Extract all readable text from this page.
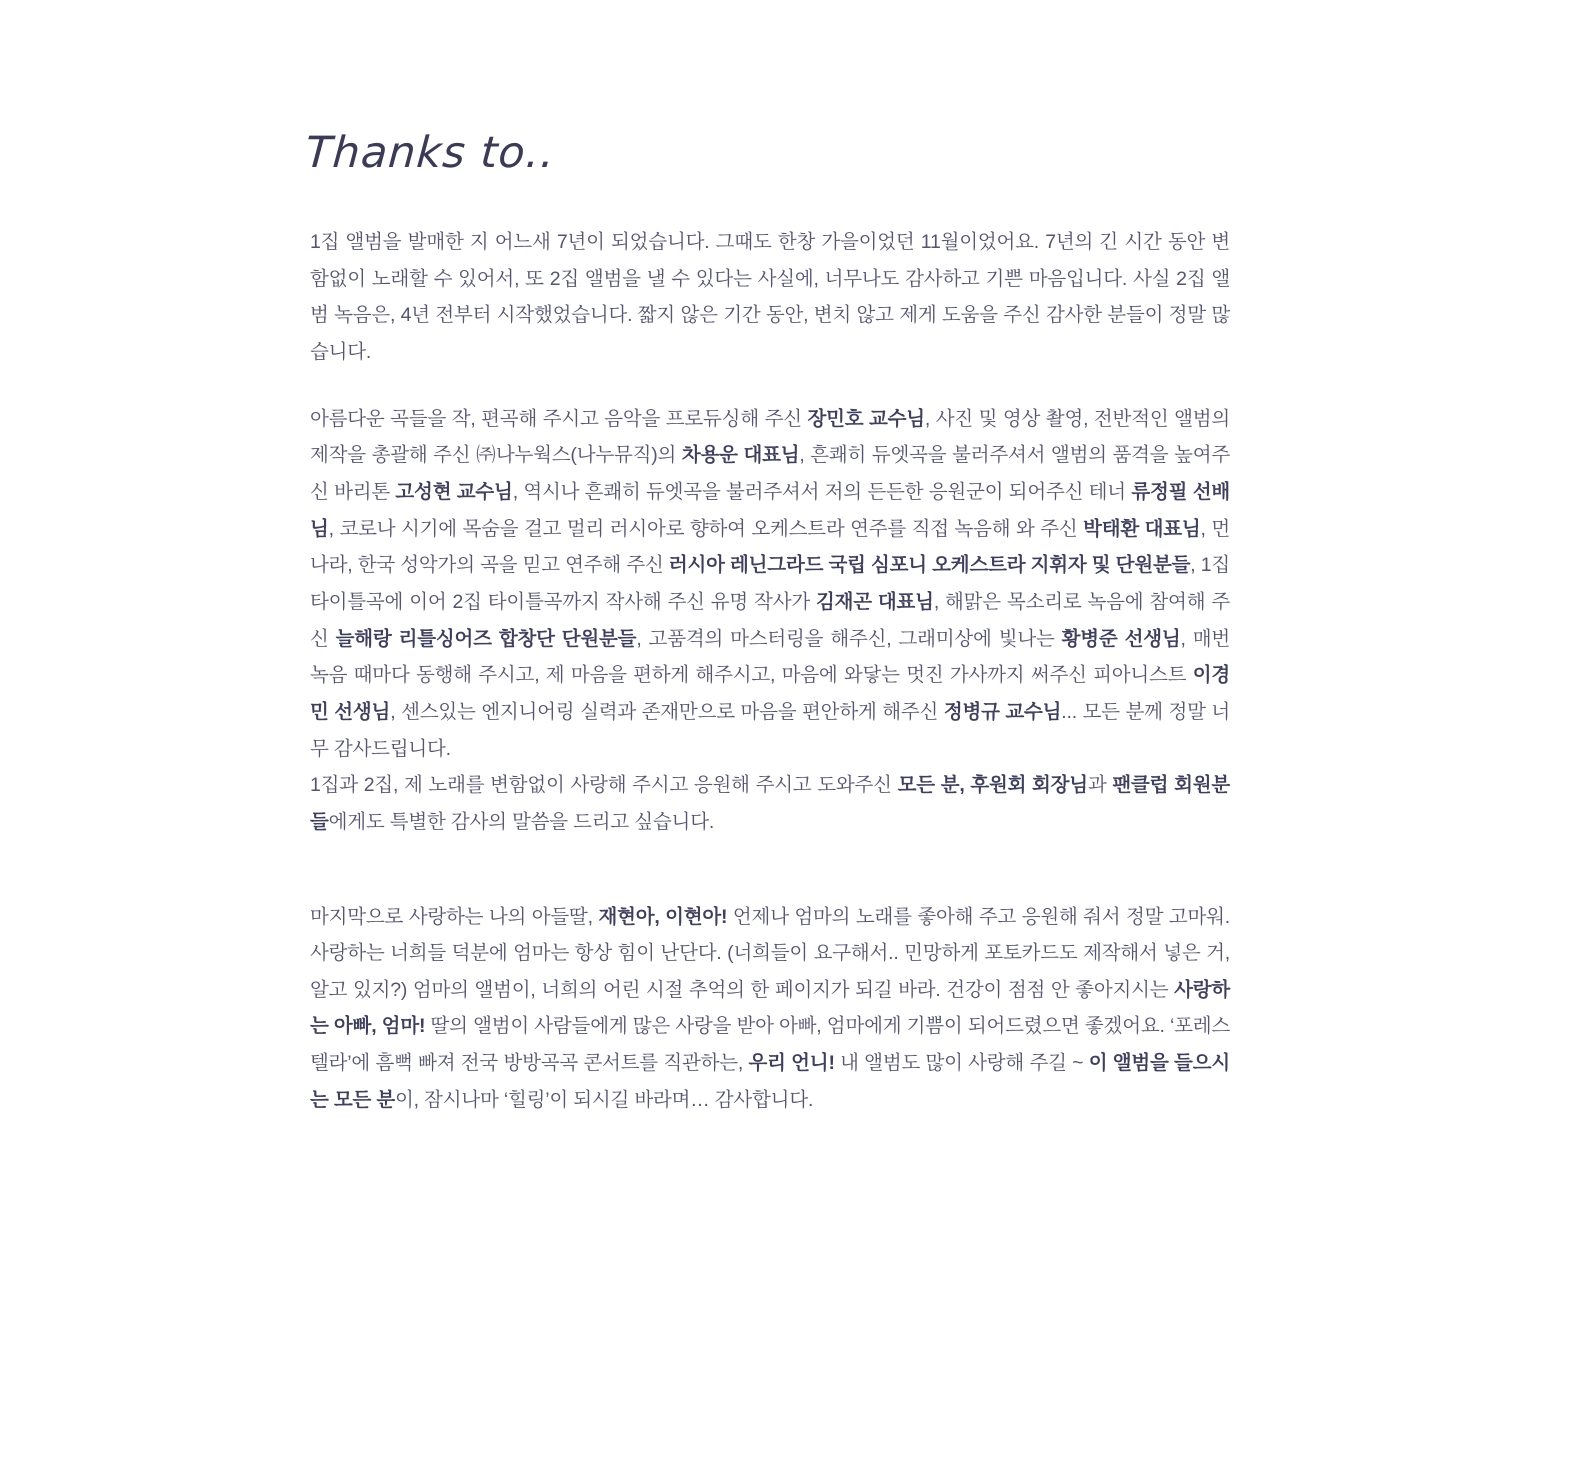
Thanks to..

1집 앨범을 발매한 지 어느새 7년이 되었습니다. 그때도 한창 가을이었던 11월이었어요. 7년의 긴 시간 동안 변함없이 노래할 수 있어서, 또 2집 앨범을 낼 수 있다는 사실에, 너무나도 감사하고 기쁜 마음입니다. 사실 2집 앨범 녹음은, 4년 전부터 시작했었습니다. 짧지 않은 기간 동안, 변치 않고 제게 도움을 주신 감사한 분들이 정말 많습니다.

아름다운 곡들을 작, 편곡해 주시고 음악을 프로듀싱해 주신 장민호 교수님, 사진 및 영상 촬영, 전반적인 앨범의 제작을 총괄해 주신 ㈜나누웍스(나누뮤직)의 차용운 대표님, 흔쾌히 듀엣곡을 불러주셔서 앨범의 품격을 높여주신 바리톤 고성현 교수님, 역시나 흔쾌히 듀엣곡을 불러주셔서 저의 든든한 응원군이 되어주신 테너 류정필 선배님, 코로나 시기에 목숨을 걸고 멀리 러시아로 향하여 오케스트라 연주를 직접 녹음해 와 주신 박태환 대표님, 먼 나라, 한국 성악가의 곡을 믿고 연주해 주신 러시아 레닌그라드 국립 심포니 오케스트라 지휘자 및 단원분들, 1집 타이틀곡에 이어 2집 타이틀곡까지 작사해 주신 유명 작사가 김재곤 대표님, 해맑은 목소리로 녹음에 참여해 주신 늘해랑 리틀싱어즈 합창단 단원분들, 고품격의 마스터링을 해주신, 그래미상에 빛나는 황병준 선생님, 매번 녹음 때마다 동행해 주시고, 제 마음을 편하게 해주시고, 마음에 와닿는 멋진 가사까지 써주신 피아니스트 이경민 선생님, 센스있는 엔지니어링 실력과 존재만으로 마음을 편안하게 해주신 정병규 교수님... 모든 분께 정말 너무 감사드립니다.

1집과 2집, 제 노래를 변함없이 사랑해 주시고 응원해 주시고 도와주신 모든 분, 후원회 회장님과 팬클럽 회원분들에게도 특별한 감사의 말씀을 드리고 싶습니다.

마지막으로 사랑하는 나의 아들딸, 재현아, 이현아! 언제나 엄마의 노래를 좋아해 주고 응원해 줘서 정말 고마워. 사랑하는 너희들 덕분에 엄마는 항상 힘이 난단다. (너희들이 요구해서.. 민망하게 포토카드도 제작해서 넣은 거, 알고 있지?) 엄마의 앨범이, 너희의 어린 시절 추억의 한 페이지가 되길 바라. 건강이 점점 안 좋아지시는 사랑하는 아빠, 엄마! 딸의 앨범이 사람들에게 많은 사랑을 받아 아빠, 엄마에게 기쁨이 되어드렸으면 좋겠어요. ‘포레스텔라’에 흠뻑 빠져 전국 방방곡곡 콘서트를 직관하는, 우리 언니! 내 앨범도 많이 사랑해 주길 ~ 이 앨범을 들으시는 모든 분이, 잠시나마 ‘힐링’이 되시길 바라며… 감사합니다.
